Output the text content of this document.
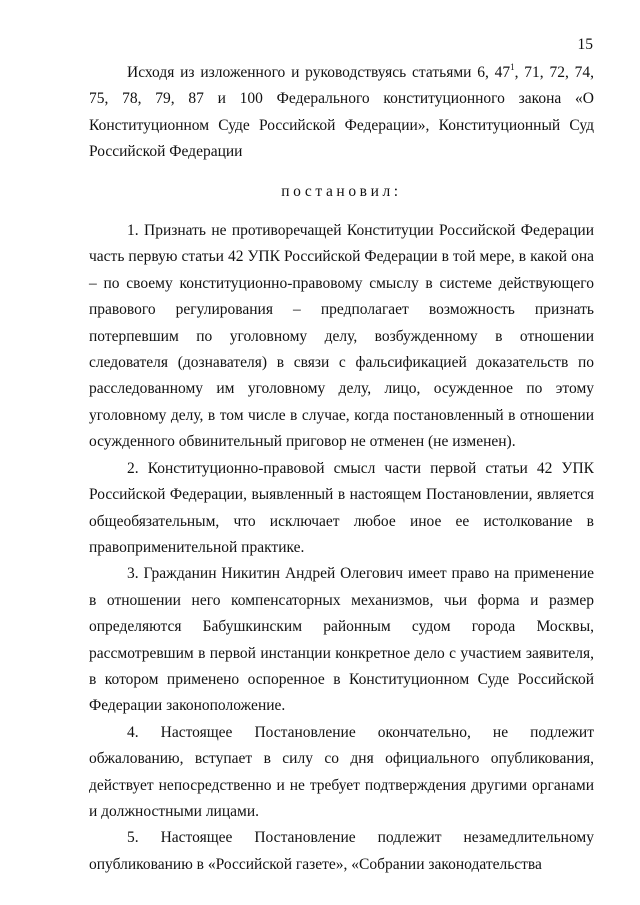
15

Исходя из изложенного и руководствуясь статьями 6, $47^1$, 71, 72, 74, 75, 78, 79, 87 и 100 Федерального конституционного закона «О Конституционном Суде Российской Федерации», Конституционный Суд Российской Федерации

постановил:

1. Признать не противоречащей Конституции Российской Федерации часть первую статьи 42 УПК Российской Федерации в той мере, в какой она – по своему конституционно-правовому смыслу в системе действующего правового регулирования – предполагает возможность признать потерпевшим по уголовному делу, возбужденному в отношении следователя (дознавателя) в связи с фальсификацией доказательств по расследованному им уголовному делу, лицо, осужденное по этому уголовному делу, в том числе в случае, когда постановленный в отношении осужденного обвинительный приговор не отменен (не изменен).

2. Конституционно-правовой смысл части первой статьи 42 УПК Российской Федерации, выявленный в настоящем Постановлении, является общеобязательным, что исключает любое иное ее истолкование в правоприменительной практике.

3. Гражданин Никитин Андрей Олегович имеет право на применение в отношении него компенсаторных механизмов, чьи форма и размер определяются Бабушкинским районным судом города Москвы, рассмотревшим в первой инстанции конкретное дело с участием заявителя, в котором применено оспоренное в Конституционном Суде Российской Федерации законоположение.

4. Настоящее Постановление окончательно, не подлежит обжалованию, вступает в силу со дня официального опубликования, действует непосредственно и не требует подтверждения другими органами и должностными лицами.

5. Настоящее Постановление подлежит незамедлительному опубликованию в «Российской газете», «Собрании законодательства
